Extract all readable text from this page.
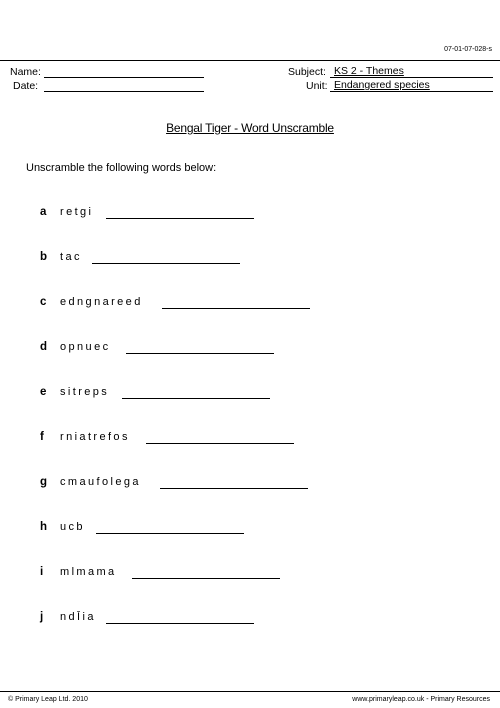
07-01-07-028-s
Name:
Date:
Subject: KS 2 - Themes
Unit: Endangered species
Bengal Tiger - Word Unscramble
Unscramble the following words below:
a	retgi
b tac
c	edngnareed
d opnuec
e	sitreps
f	rniatrefos
g cmaufolega
h ucb
i	mlmama
j	ndĪia
© Primary Leap Ltd. 2010	www.primaryleap.co.uk - Primary Resources
